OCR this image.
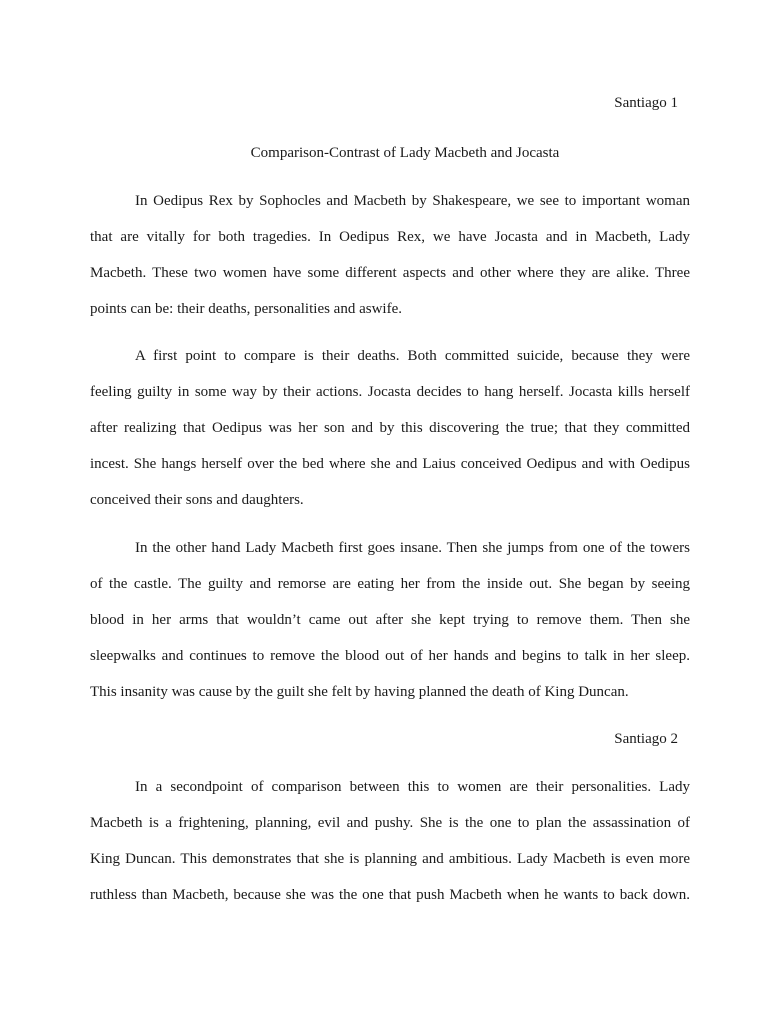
Santiago 1
Comparison-Contrast of Lady Macbeth and Jocasta
In Oedipus Rex by Sophocles and Macbeth by Shakespeare, we see to important woman
that are vitally for both tragedies. In Oedipus Rex, we have Jocasta and in Macbeth, Lady
Macbeth. These two women have some different aspects and other where they are alike. Three
points can be: their deaths, personalities and aswife.
A first point to compare is their deaths. Both committed suicide, because they were
feeling guilty in some way by their actions. Jocasta decides to hang herself. Jocasta kills herself
after realizing that Oedipus was her son and by this discovering the true; that they committed
incest. She hangs herself over the bed where she and Laius conceived Oedipus and with Oedipus
conceived their sons and daughters.
In the other hand Lady Macbeth first goes insane. Then she jumps from one of the towers
of the castle. The guilty and remorse are eating her from the inside out. She began by seeing
blood in her arms that wouldn’t came out after she kept trying to remove them. Then she
sleepwalks and continues to remove the blood out of her hands and begins to talk in her sleep.
This insanity was cause by the guilt she felt by having planned the death of King Duncan.
Santiago 2
In a secondpoint of comparison between this to women are their personalities. Lady
Macbeth is a frightening, planning, evil and pushy. She is the one to plan the assassination of
King Duncan. This demonstrates that she is planning and ambitious. Lady Macbeth is even more
ruthless than Macbeth, because she was the one that push Macbeth when he wants to back down.
